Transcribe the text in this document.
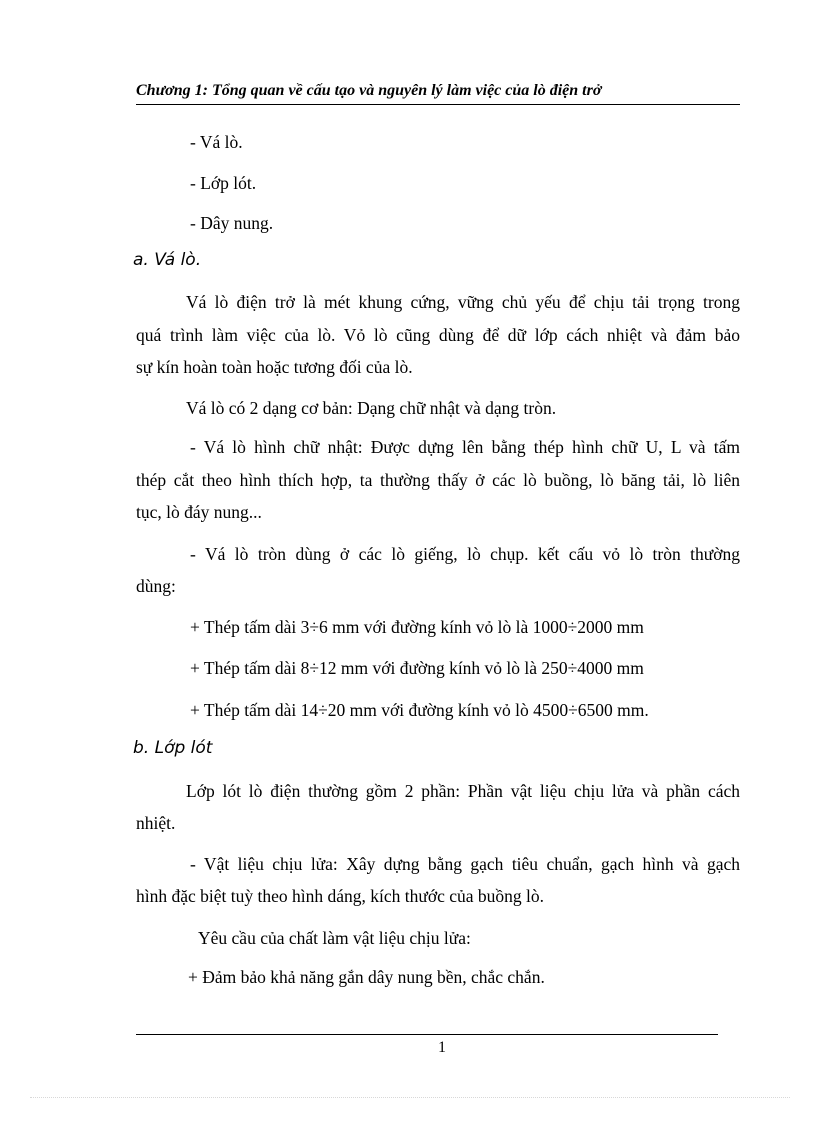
Chương 1: Tổng quan về cấu tạo và nguyên lý làm việc của lò điện trở
- Vá lò.
- Lớp lót.
- Dây nung.
a. Vá lò.
Vá lò điện trở là mét khung cứng, vững chủ yếu để chịu tải trọng trong
quá trình làm việc của lò. Vỏ lò cũng dùng để dữ lớp cách nhiệt và đảm bảo
sự kín hoàn toàn hoặc tương đối của lò.
Vá lò có 2 dạng cơ bản: Dạng chữ nhật và dạng tròn.
- Vá lò hình chữ nhật: Được dựng lên bằng thép hình chữ U, L và tấm
thép cắt theo hình thích hợp, ta thường thấy ở các lò buồng, lò băng tải, lò liên
tục, lò đáy nung...
- Vá lò tròn dùng ở các lò giếng, lò chụp. kết cấu vỏ lò tròn thường
dùng:
+ Thép tấm dài 3÷6 mm với đường kính vỏ lò là 1000÷2000 mm
+ Thép tấm dài 8÷12 mm với đường kính vỏ lò là 250÷4000 mm
+ Thép tấm dài 14÷20 mm với đường kính vỏ lò 4500÷6500 mm.
b. Lớp lót
Lớp lót lò điện thường gồm 2 phần: Phần vật liệu chịu lửa và phần cách
nhiệt.
- Vật liệu chịu lửa: Xây dựng bằng gạch tiêu chuẩn, gạch hình và gạch
hình đặc biệt tuỳ theo hình dáng, kích thước của buồng lò.
Yêu cầu của chất làm vật liệu chịu lửa:
+ Đảm bảo khả năng gắn dây nung bền, chắc chắn.
1
